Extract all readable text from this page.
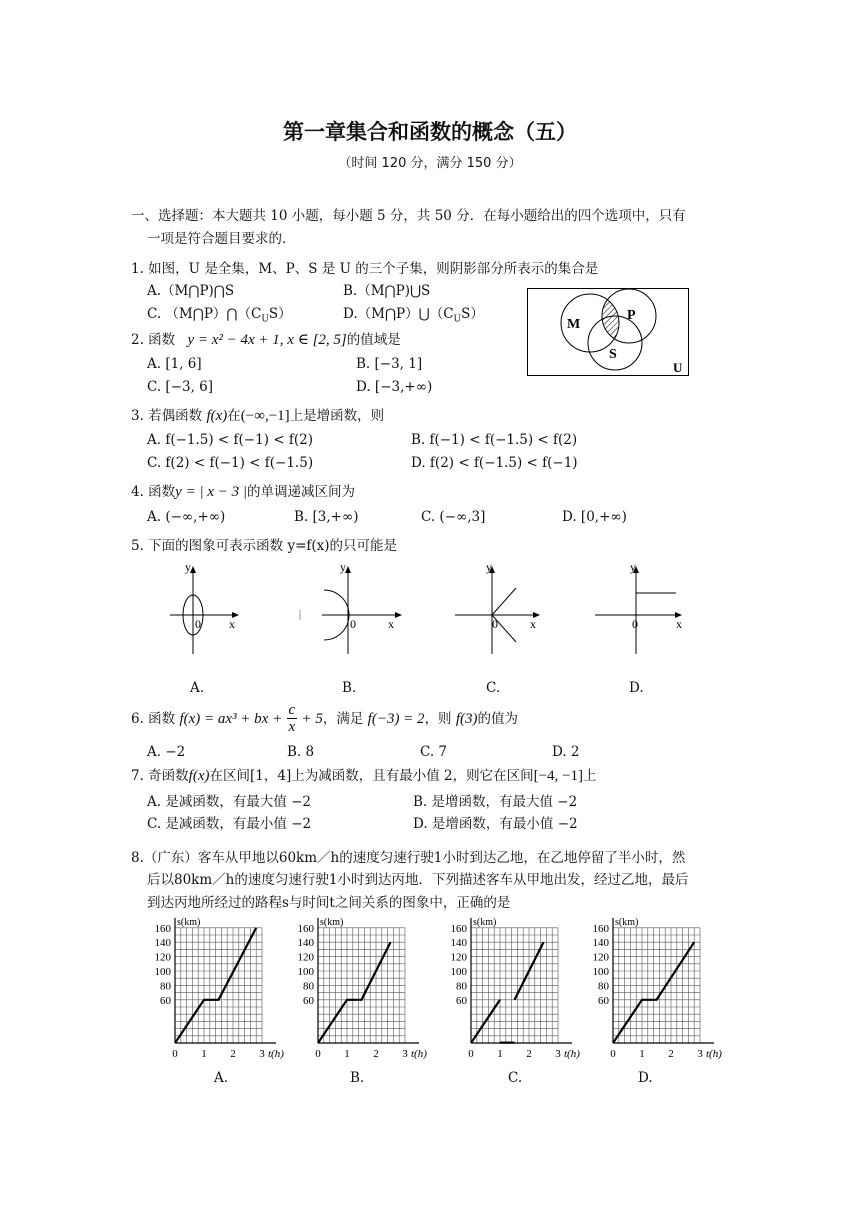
第一章集合和函数的概念（五）
（时间 120 分，满分 150 分）
一、选择题：本大题共 10 小题，每小题 5 分，共 50 分．在每小题给出的四个选项中，只有
一项是符合题目要求的．
1. 如图，U 是全集，M、P、S 是 U 的三个子集，则阴影部分所表示的集合是
A.（M⋂P)⋂S	B.（M⋂P)⋃S
C. $(M⋂P)⋂(C_US)$	$D.(M⋂P)⋃(C_US)$
M
P
S
U
2. 函数 y = x² − 4x + 1, x ∈ [2, 5]的值域是
A. [1, 6]	B. [−3, 1]
C. [−3, 6]	D. [−3,+∞)
3. 若偶函数 f(x)在(−∞,−1]上是增函数，则
A. f(−1.5) < f(−1) < f(2)	B. f(−1) < f(−1.5) < f(2)
C. f(2) < f(−1) < f(−1.5)	D. f(2) < f(−1.5) < f(−1)
4. 函数y = | x − 3 |的单调递减区间为
A. (−∞,+∞)	B. [3,+∞)	C. (−∞,3]	D. [0,+∞)
5. 下面的图象可表示函数 y=f(x)的只可能是
y
x
0
y
x
0
y
x
0
y
x
0
A.	B.	C.	D.
6. 函数 f(x) = ax³ + bx + $\frac{c}{x} + 5$，满足 f(−3) = 2，则 f(3)的值为
A. −2	B. 8	C. 7	D. 2
7. 奇函数f(x)在区间[1，4]上为减函数，且有最小值 2，则它在区间[−4, −1]上
A. 是减函数，有最大值 −2	B. 是增函数，有最大值 −2
C. 是减函数，有最小值 −2	D. 是增函数，有最小值 −2
8.（广东）客车从甲地以60km／h的速度匀速行驶1小时到达乙地，在乙地停留了半小时，然
后以80km／h的速度匀速行驶1小时到达丙地．下列描述客车从甲地出发，经过乙地，最后
到达丙地所经过的路程s与时间t之间关系的图象中，正确的是
s(km)
t(h)
160
140
120
100
80
60
0 1 2 3
s(km)
t(h)
160
140
120
100
80
60
0 1 2 3
s(km)
t(h)
160
140
120
100
80
60
0 1 2 3
s(km)
t(h)
160
140
120
100
80
60
0 1 2 3
A.	B.	C.	D.
